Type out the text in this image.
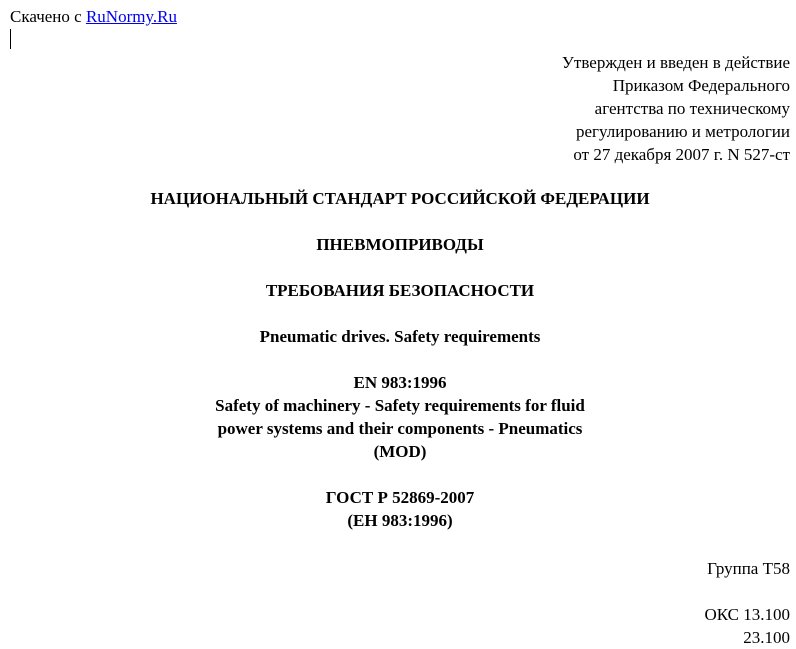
Скачено с RuNormy.Ru
Утвержден и введен в действие
Приказом Федерального
агентства по техническому
регулированию и метрологии
от 27 декабря 2007 г. N 527-ст
НАЦИОНАЛЬНЫЙ СТАНДАРТ РОССИЙСКОЙ ФЕДЕРАЦИИ
ПНЕВМОПРИВОДЫ
ТРЕБОВАНИЯ БЕЗОПАСНОСТИ
Pneumatic drives. Safety requirements
EN 983:1996
Safety of machinery - Safety requirements for fluid
power systems and their components - Pneumatics
(MOD)
ГОСТ Р 52869-2007
(ЕН 983:1996)
Группа Т58
ОКС 13.100
23.100
